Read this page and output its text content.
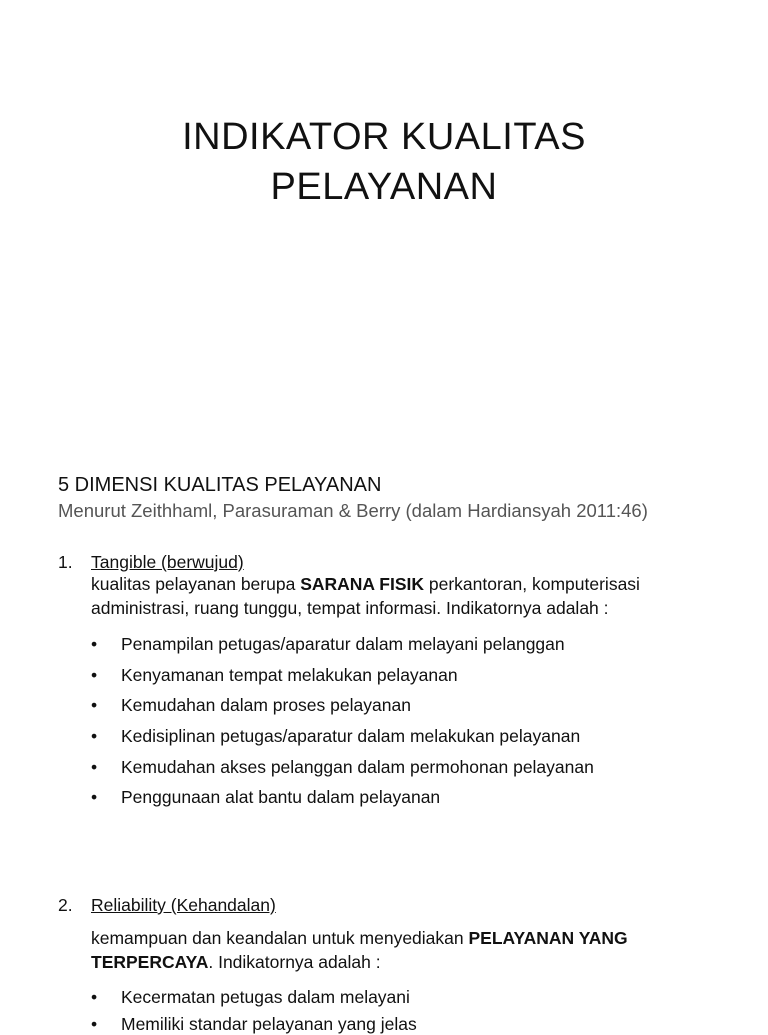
INDIKATOR KUALITAS
PELAYANAN
5 DIMENSI KUALITAS PELAYANAN
Menurut Zeithhaml, Parasuraman & Berry (dalam Hardiansyah 2011:46)
1. Tangible (berwujud)
kualitas pelayanan berupa SARANA FISIK perkantoran, komputerisasi
administrasi, ruang tunggu, tempat informasi. Indikatornya adalah :
• Penampilan petugas/aparatur dalam melayani pelanggan
• Kenyamanan tempat melakukan pelayanan
• Kemudahan dalam proses pelayanan
• Kedisiplinan petugas/aparatur dalam melakukan pelayanan
• Kemudahan akses pelanggan dalam permohonan pelayanan
• Penggunaan alat bantu dalam pelayanan
2. Reliability (Kehandalan)
kemampuan dan keandalan untuk menyediakan PELAYANAN YANG
TERPERCAYA. Indikatornya adalah :
• Kecermatan petugas dalam melayani
• Memiliki standar pelayanan yang jelas
